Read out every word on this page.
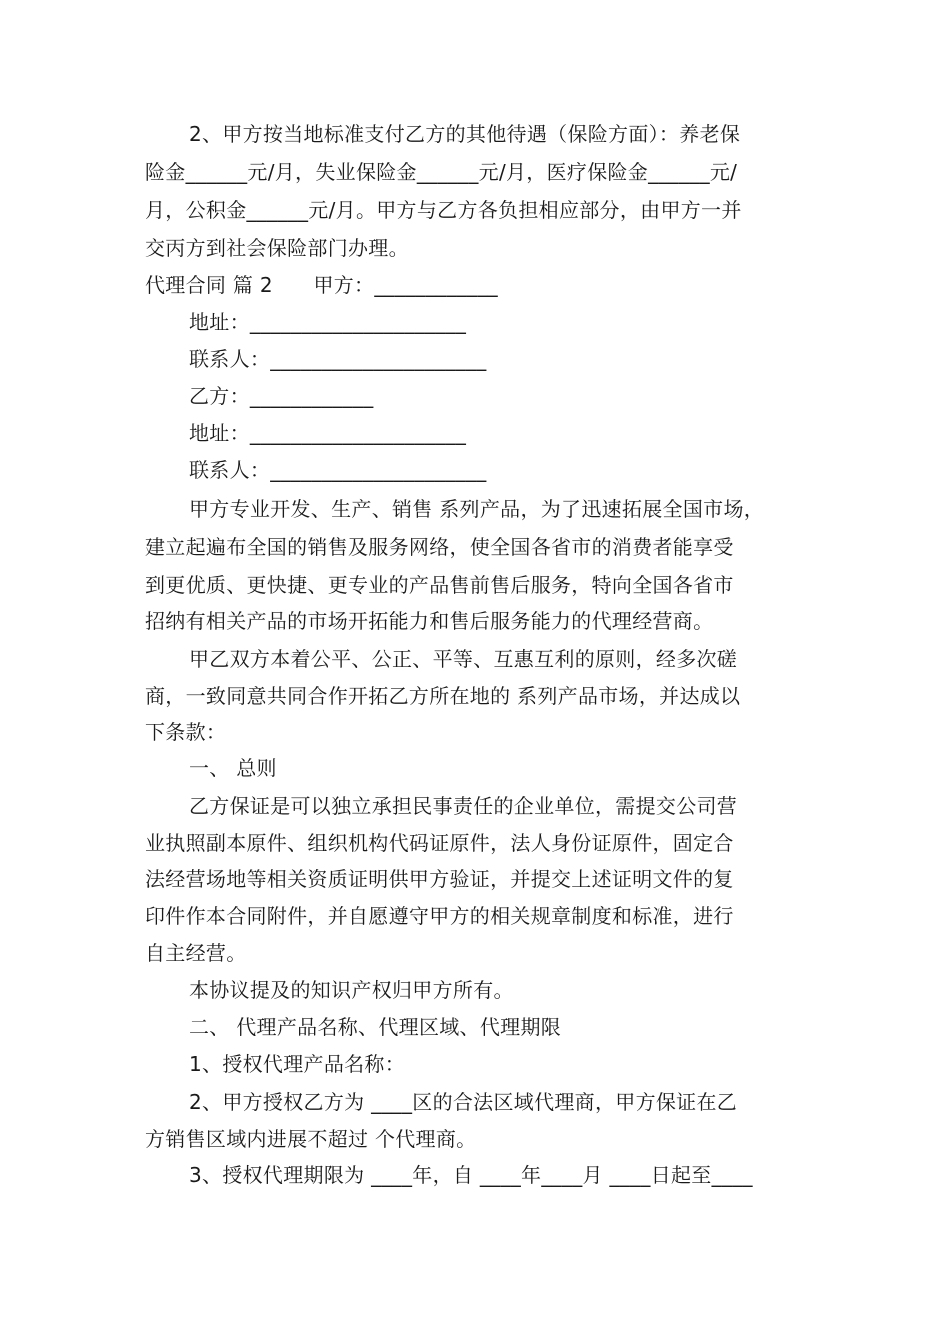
2、甲方按当地标准支付乙方的其他待遇（保险方面）：养老保
险金______元/月，失业保险金______元/月，医疗保险金______元/
月，公积金______元/月。甲方与乙方各负担相应部分，由甲方一并
交丙方到社会保险部门办理。
代理合同 篇 2　　甲方：____________
地址：_____________________
联系人：_____________________
乙方：____________
地址：_____________________
联系人：_____________________
甲方专业开发、生产、销售 系列产品，为了迅速拓展全国市场，
建立起遍布全国的销售及服务网络，使全国各省市的消费者能享受
到更优质、更快捷、更专业的产品售前售后服务，特向全国各省市
招纳有相关产品的市场开拓能力和售后服务能力的代理经营商。
甲乙双方本着公平、公正、平等、互惠互利的原则，经多次磋
商，一致同意共同合作开拓乙方所在地的 系列产品市场，并达成以
下条款：
一、 总则
乙方保证是可以独立承担民事责任的企业单位，需提交公司营
业执照副本原件、组织机构代码证原件，法人身份证原件，固定合
法经营场地等相关资质证明供甲方验证，并提交上述证明文件的复
印件作本合同附件，并自愿遵守甲方的相关规章制度和标准，进行
自主经营。
本协议提及的知识产权归甲方所有。
二、 代理产品名称、代理区域、代理期限
1、授权代理产品名称：
2、甲方授权乙方为 ____区的合法区域代理商，甲方保证在乙
方销售区域内进展不超过 个代理商。
3、授权代理期限为 ____年，自 ____年____月 ____日起至____
